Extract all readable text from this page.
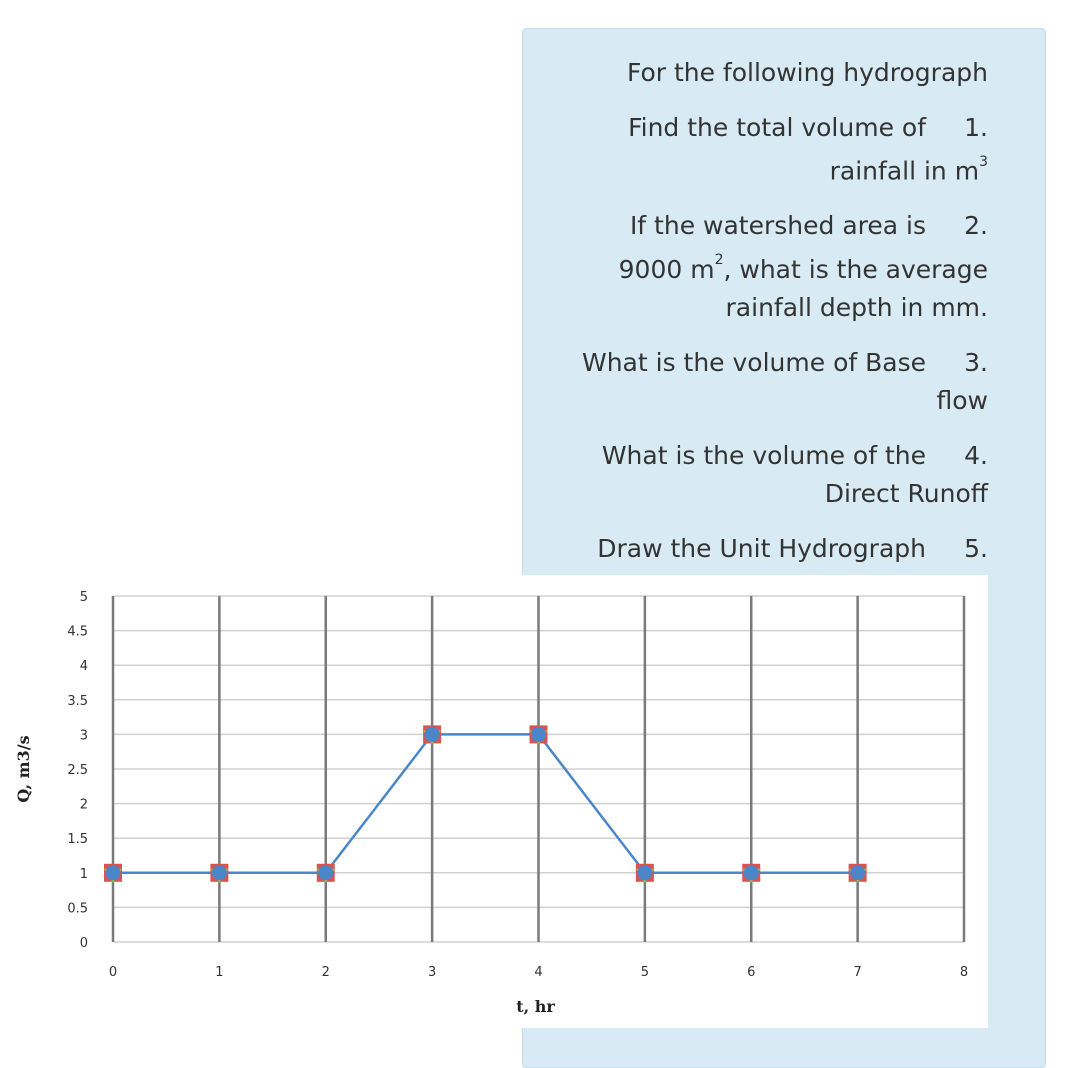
For the following hydrograph

.1Find the total volume of
rainfall in $m^3$

.2If the watershed area is
9000 $m^2$, what is the average
.rainfall depth in mm

.3What is the volume of Base
flow

.4What is the volume of the
Direct Runoff

.5Draw the Unit Hydrograph

0
0.5
1
1.5
2
2.5
3
3.5
4
4.5
5
0	1	2	3	4	5	6	7	8
t, hr
Q, m3/s
